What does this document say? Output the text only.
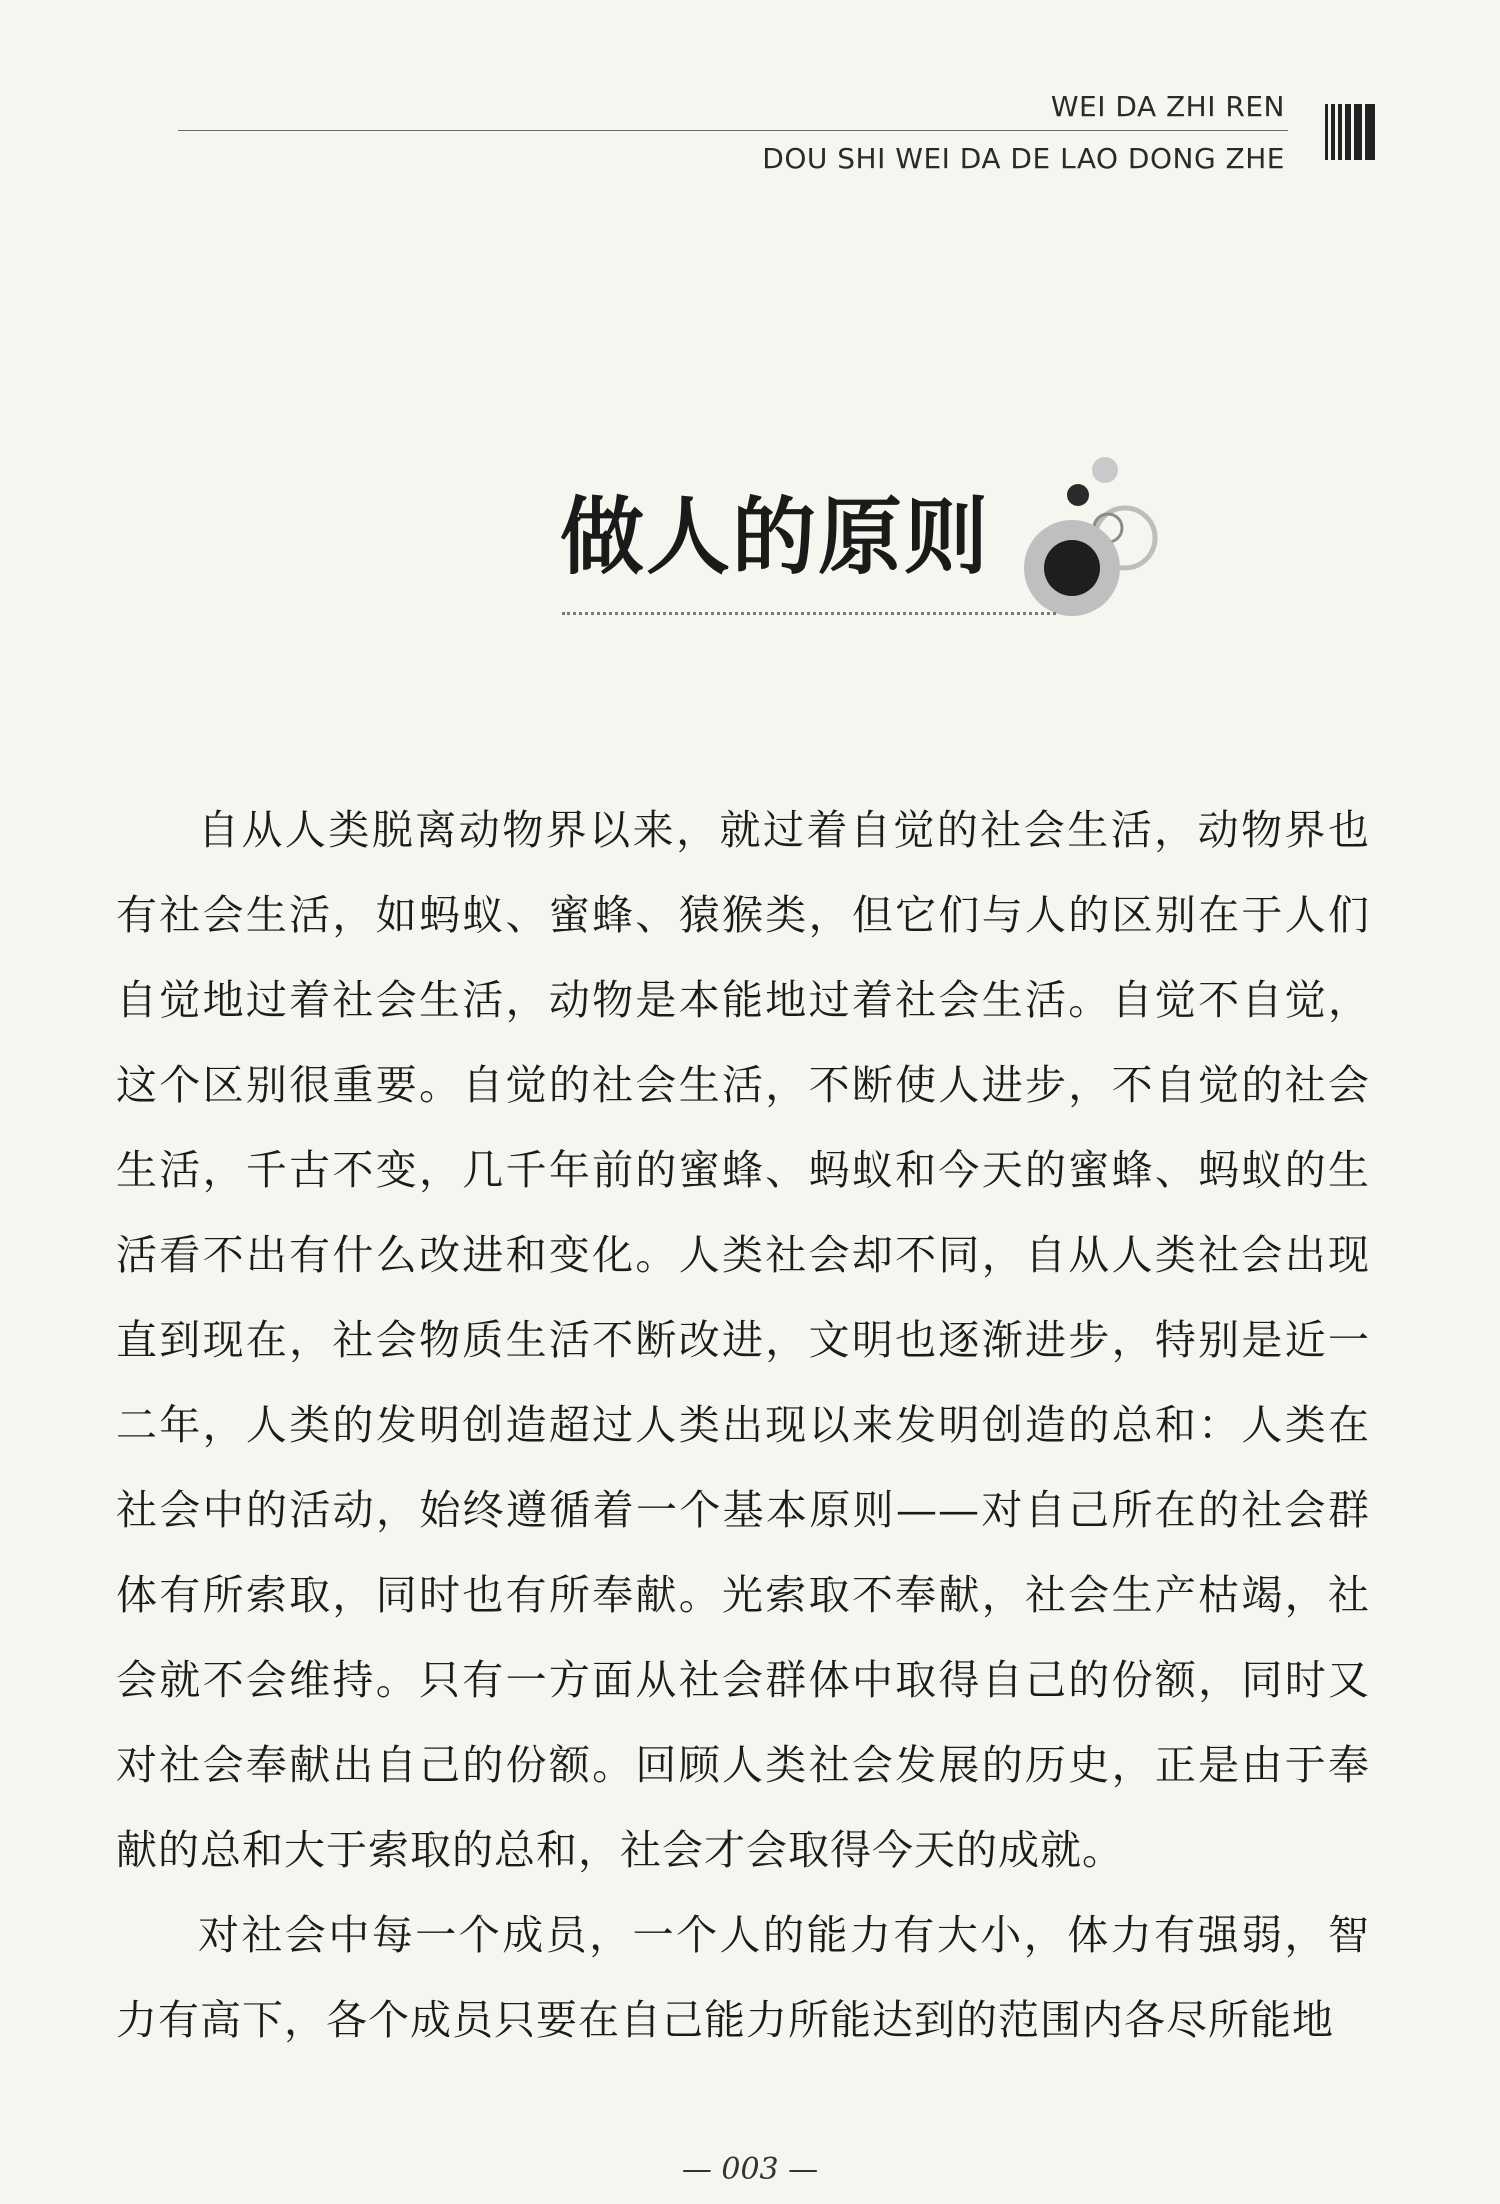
WEI DA ZHI REN
DOU SHI WEI DA DE LAO DONG ZHE
做人的原则

自从人类脱离动物界以来，就过着自觉的社会生活，动物界也有社会生活，如蚂蚁、蜜蜂、猿猴类，但它们与人的区别在于人们自觉地过着社会生活，动物是本能地过着社会生活。自觉不自觉，这个区别很重要。自觉的社会生活，不断使人进步，不自觉的社会生活，千古不变，几千年前的蜜蜂、蚂蚁和今天的蜜蜂、蚂蚁的生活看不出有什么改进和变化。人类社会却不同，自从人类社会出现直到现在，社会物质生活不断改进，文明也逐渐进步，特别是近一二年，人类的发明创造超过人类出现以来发明创造的总和：人类在社会中的活动，始终遵循着一个基本原则——对自己所在的社会群体有所索取，同时也有所奉献。光索取不奉献，社会生产枯竭，社会就不会维持。只有一方面从社会群体中取得自己的份额，同时又对社会奉献出自己的份额。回顾人类社会发展的历史，正是由于奉献的总和大于索取的总和，社会才会取得今天的成就。

对社会中每一个成员，一个人的能力有大小，体力有强弱，智力有高下，各个成员只要在自己能力所能达到的范围内各尽所能地

— 003 —
